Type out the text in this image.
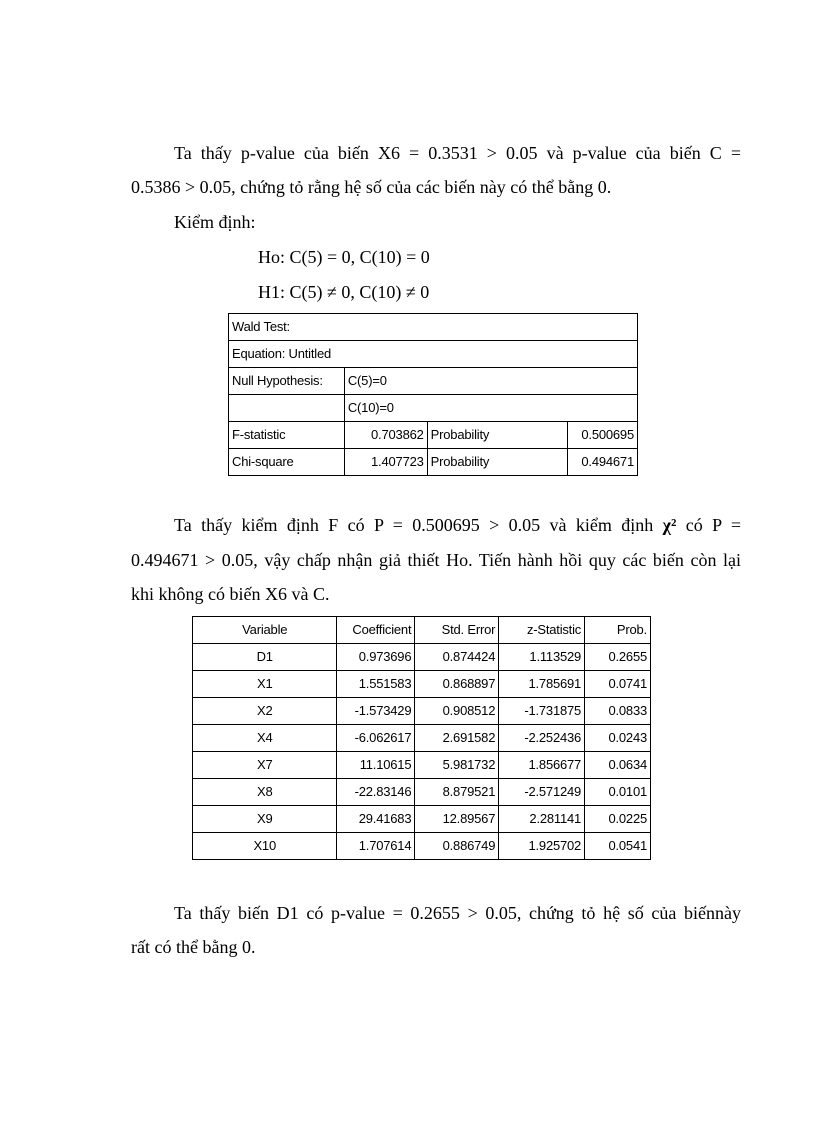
Ta thấy p-value của biến X6 = 0.3531 > 0.05 và p-value của biến C =
0.5386 > 0.05, chứng tỏ rằng hệ số của các biến này có thể bằng 0.
Kiểm định:
Ho: C(5) = 0, C(10) = 0
H1: C(5) ≠ 0, C(10) ≠ 0
Wald Test:			
Equation: Untitled			
Null Hypothesis:	C(5)=0		
	C(10)=0		
F-statistic	0.703862	Probability	0.500695
Chi-square	1.407723	Probability	0.494671
Ta thấy kiểm định F có P = 0.500695 > 0.05 và kiểm định χ² có P =
0.494671 > 0.05, vậy chấp nhận giả thiết Ho. Tiến hành hồi quy các biến còn lại
khi không có biến X6 và C.
Variable	Coefficient	Std. Error	z-Statistic	Prob.
D1	0.973696	0.874424	1.113529	0.2655
X1	1.551583	0.868897	1.785691	0.0741
X2	-1.573429	0.908512	-1.731875	0.0833
X4	-6.062617	2.691582	-2.252436	0.0243
X7	11.10615	5.981732	1.856677	0.0634
X8	-22.83146	8.879521	-2.571249	0.0101
X9	29.41683	12.89567	2.281141	0.0225
X10	1.707614	0.886749	1.925702	0.0541
Ta thấy biến D1 có p-value = 0.2655 > 0.05, chứng tỏ hệ số của biếnnày
rất có thể bằng 0.
